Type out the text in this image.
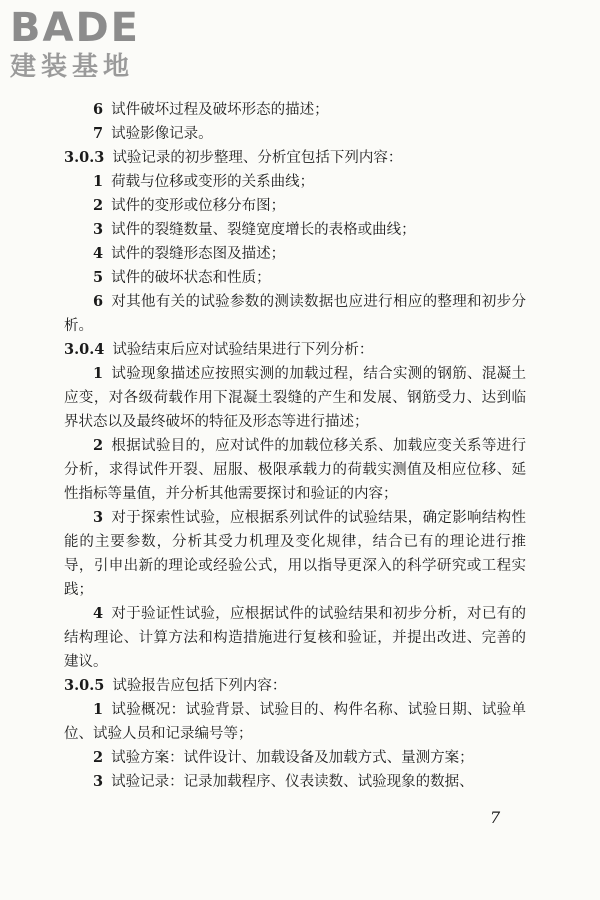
BADE
建装基地
6 试件破坏过程及破坏形态的描述；
7 试验影像记录。
3.0.3 试验记录的初步整理、分析宜包括下列内容：
1 荷载与位移或变形的关系曲线；
2 试件的变形或位移分布图；
3 试件的裂缝数量、裂缝宽度增长的表格或曲线；
4 试件的裂缝形态图及描述；
5 试件的破坏状态和性质；
6 对其他有关的试验参数的测读数据也应进行相应的整理和初步分析。
3.0.4 试验结束后应对试验结果进行下列分析：
1 试验现象描述应按照实测的加载过程，结合实测的钢筋、混凝土应变，对各级荷载作用下混凝土裂缝的产生和发展、钢筋受力、达到临界状态以及最终破坏的特征及形态等进行描述；
2 根据试验目的，应对试件的加载位移关系、加载应变关系等进行分析，求得试件开裂、屈服、极限承载力的荷载实测值及相应位移、延性指标等量值，并分析其他需要探讨和验证的内容；
3 对于探索性试验，应根据系列试件的试验结果，确定影响结构性能的主要参数，分析其受力机理及变化规律，结合已有的理论进行推导，引申出新的理论或经验公式，用以指导更深入的科学研究或工程实践；
4 对于验证性试验，应根据试件的试验结果和初步分析，对已有的结构理论、计算方法和构造措施进行复核和验证，并提出改进、完善的建议。
3.0.5 试验报告应包括下列内容：
1 试验概况：试验背景、试验目的、构件名称、试验日期、试验单位、试验人员和记录编号等；
2 试验方案：试件设计、加载设备及加载方式、量测方案；
3 试验记录：记录加载程序、仪表读数、试验现象的数据、
7
